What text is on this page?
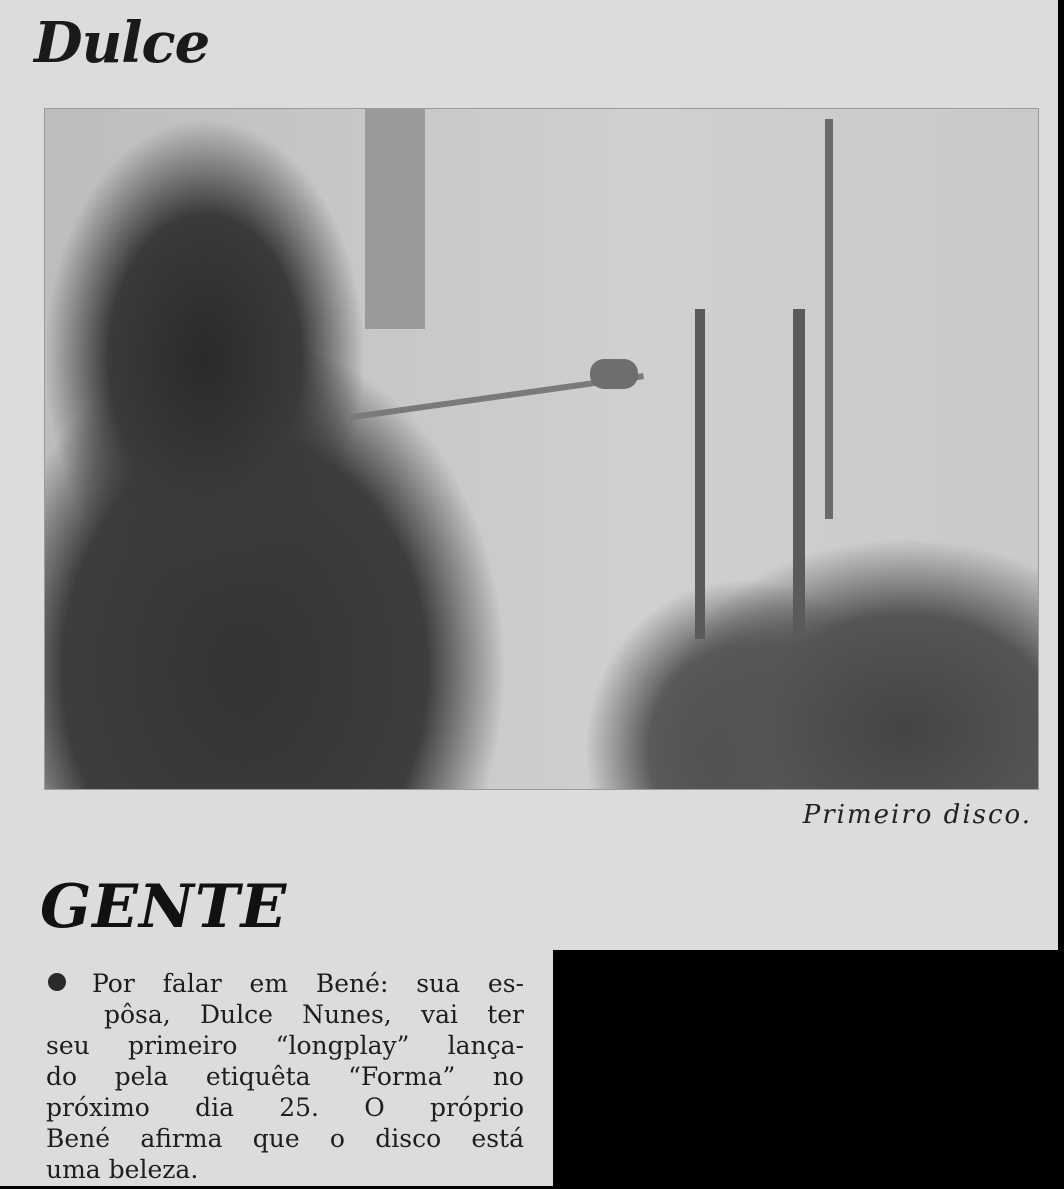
Dulce
Primeiro disco.
GENTE
Por falar em Bené: sua es-
pôsa, Dulce Nunes, vai ter
seu primeiro “longplay” lança-
do pela etiquêta “Forma” no
próximo dia 25. O próprio
Bené afirma que o disco está
uma beleza.
